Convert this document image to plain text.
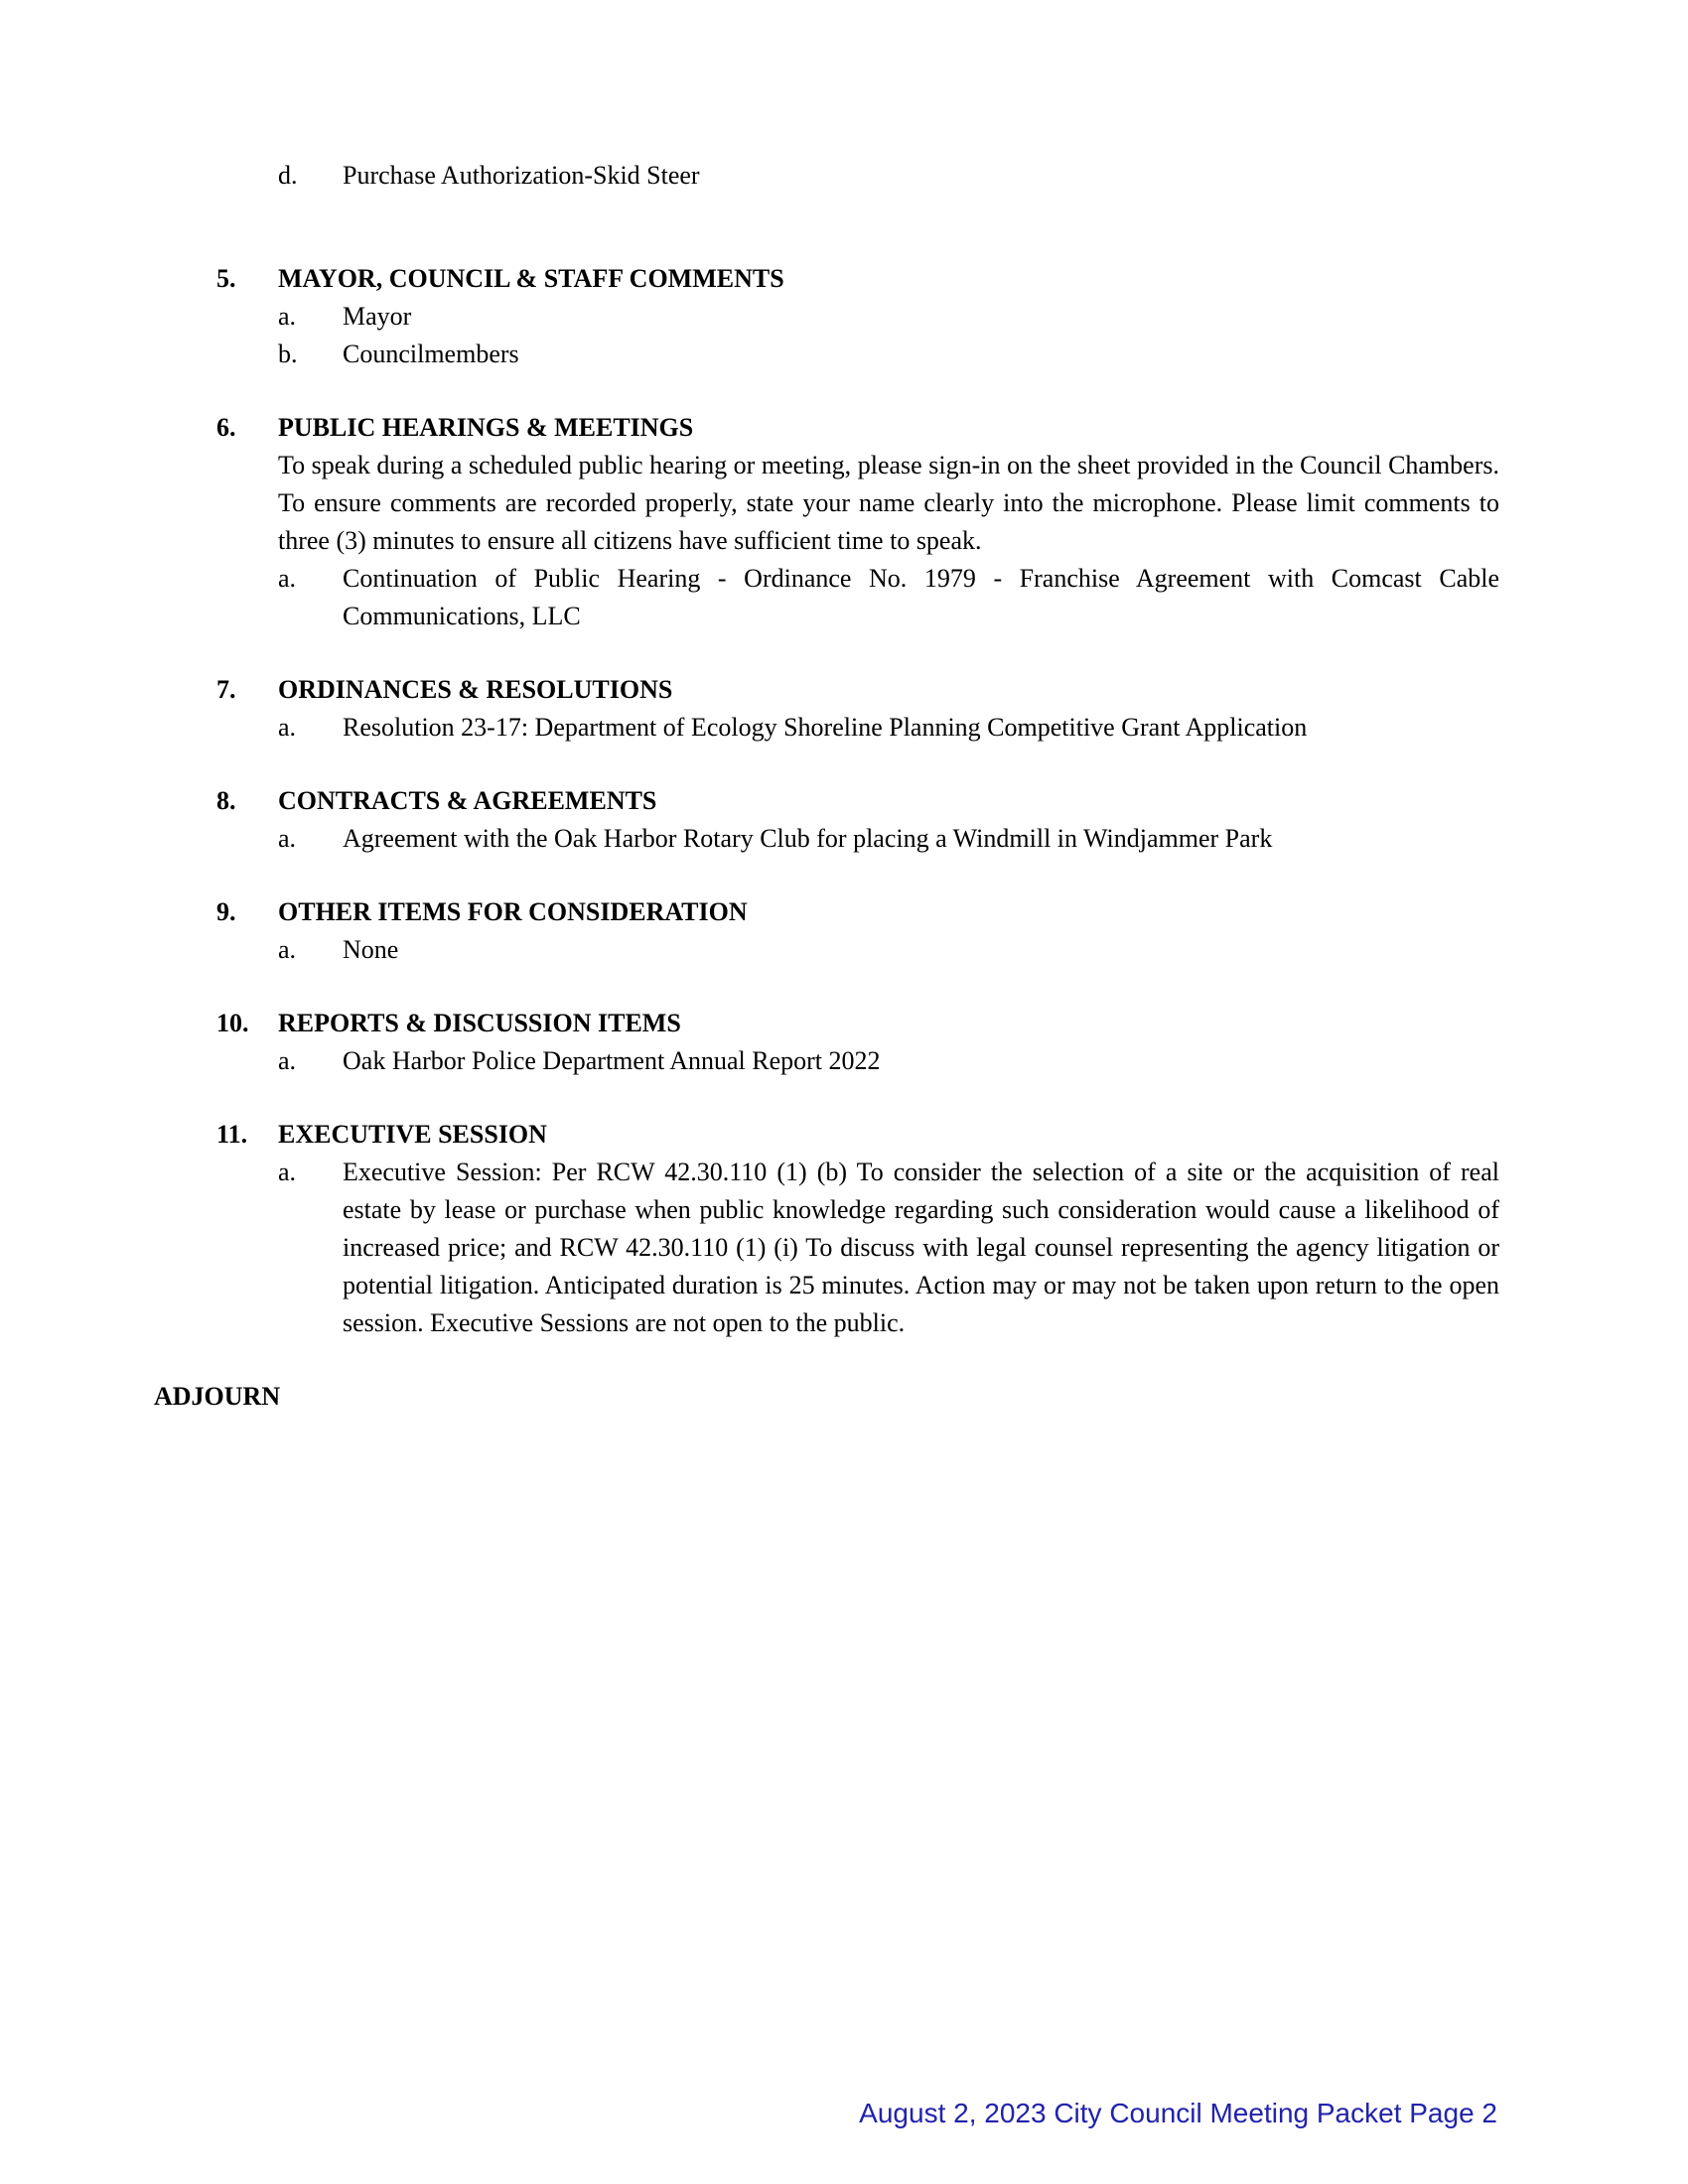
d.	Purchase Authorization-Skid Steer
5.	MAYOR, COUNCIL & STAFF COMMENTS
a.	Mayor
b.	Councilmembers
6.	PUBLIC HEARINGS & MEETINGS

To speak during a scheduled public hearing or meeting, please sign-in on the sheet provided in the Council Chambers. To ensure comments are recorded properly, state your name clearly into the microphone. Please limit comments to three (3) minutes to ensure all citizens have sufficient time to speak.

a.	Continuation of Public Hearing - Ordinance No. 1979 - Franchise Agreement with Comcast Cable Communications, LLC
7.	ORDINANCES & RESOLUTIONS
a.	Resolution 23-17: Department of Ecology Shoreline Planning Competitive Grant Application
8.	CONTRACTS & AGREEMENTS
a.	Agreement with the Oak Harbor Rotary Club for placing a Windmill in Windjammer Park
9.	OTHER ITEMS FOR CONSIDERATION
a.	None
10.	REPORTS & DISCUSSION ITEMS
a.	Oak Harbor Police Department Annual Report 2022
11.	EXECUTIVE SESSION
a.	Executive Session: Per RCW 42.30.110 (1) (b) To consider the selection of a site or the acquisition of real estate by lease or purchase when public knowledge regarding such consideration would cause a likelihood of increased price; and RCW 42.30.110 (1) (i) To discuss with legal counsel representing the agency litigation or potential litigation. Anticipated duration is 25 minutes. Action may or may not be taken upon return to the open session. Executive Sessions are not open to the public.
ADJOURN
August 2, 2023 City Council Meeting Packet Page 2
